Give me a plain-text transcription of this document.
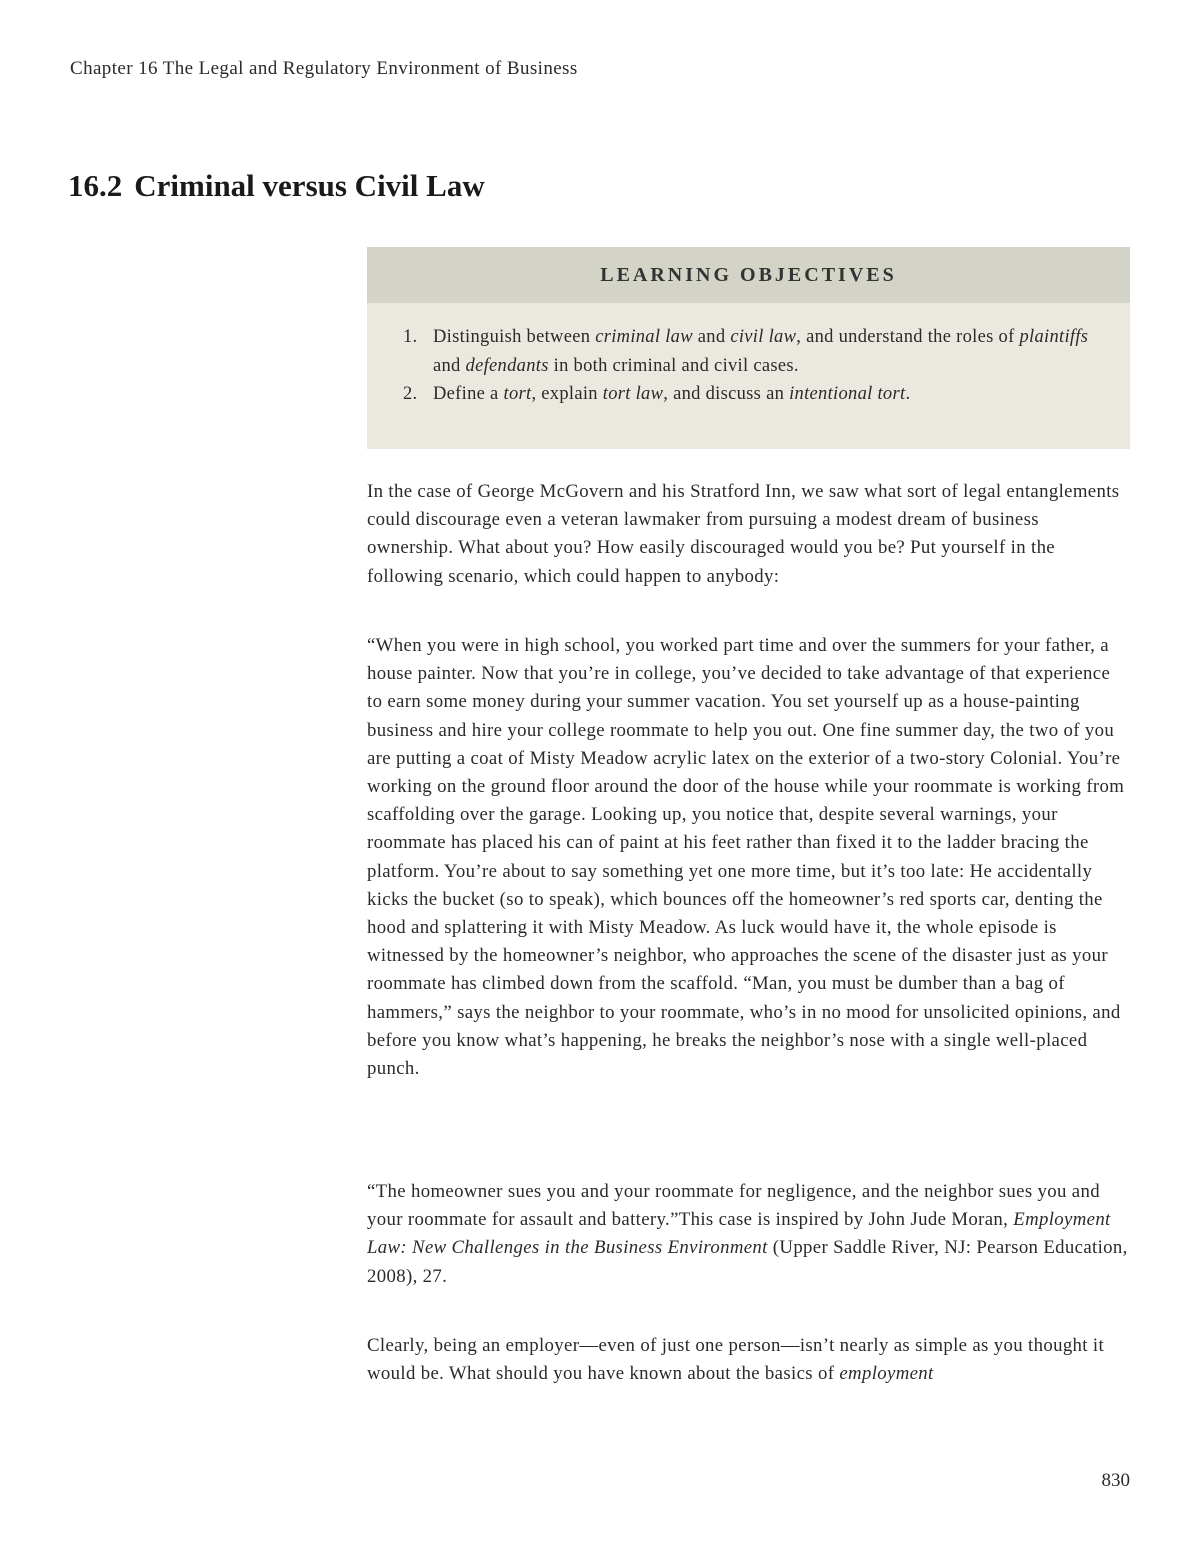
Chapter 16 The Legal and Regulatory Environment of Business

16.2 Criminal versus Civil Law
LEARNING OBJECTIVES
1. Distinguish between criminal law and civil law, and understand the roles of plaintiffs and defendants in both criminal and civil cases.
2. Define a tort, explain tort law, and discuss an intentional tort.

In the case of George McGovern and his Stratford Inn, we saw what sort of legal entanglements could discourage even a veteran lawmaker from pursuing a modest dream of business ownership. What about you? How easily discouraged would you be? Put yourself in the following scenario, which could happen to anybody:

“When you were in high school, you worked part time and over the summers for your father, a house painter. Now that you’re in college, you’ve decided to take advantage of that experience to earn some money during your summer vacation. You set yourself up as a house-painting business and hire your college roommate to help you out. One fine summer day, the two of you are putting a coat of Misty Meadow acrylic latex on the exterior of a two-story Colonial. You’re working on the ground floor around the door of the house while your roommate is working from scaffolding over the garage. Looking up, you notice that, despite several warnings, your roommate has placed his can of paint at his feet rather than fixed it to the ladder bracing the platform. You’re about to say something yet one more time, but it’s too late: He accidentally kicks the bucket (so to speak), which bounces off the homeowner’s red sports car, denting the hood and splattering it with Misty Meadow. As luck would have it, the whole episode is witnessed by the homeowner’s neighbor, who approaches the scene of the disaster just as your roommate has climbed down from the scaffold. “Man, you must be dumber than a bag of hammers,” says the neighbor to your roommate, who’s in no mood for unsolicited opinions, and before you know what’s happening, he breaks the neighbor’s nose with a single well-placed punch.

“The homeowner sues you and your roommate for negligence, and the neighbor sues you and your roommate for assault and battery.”This case is inspired by John Jude Moran, Employment Law: New Challenges in the Business Environment (Upper Saddle River, NJ: Pearson Education, 2008), 27.

Clearly, being an employer—even of just one person—isn’t nearly as simple as you thought it would be. What should you have known about the basics of employment

830
